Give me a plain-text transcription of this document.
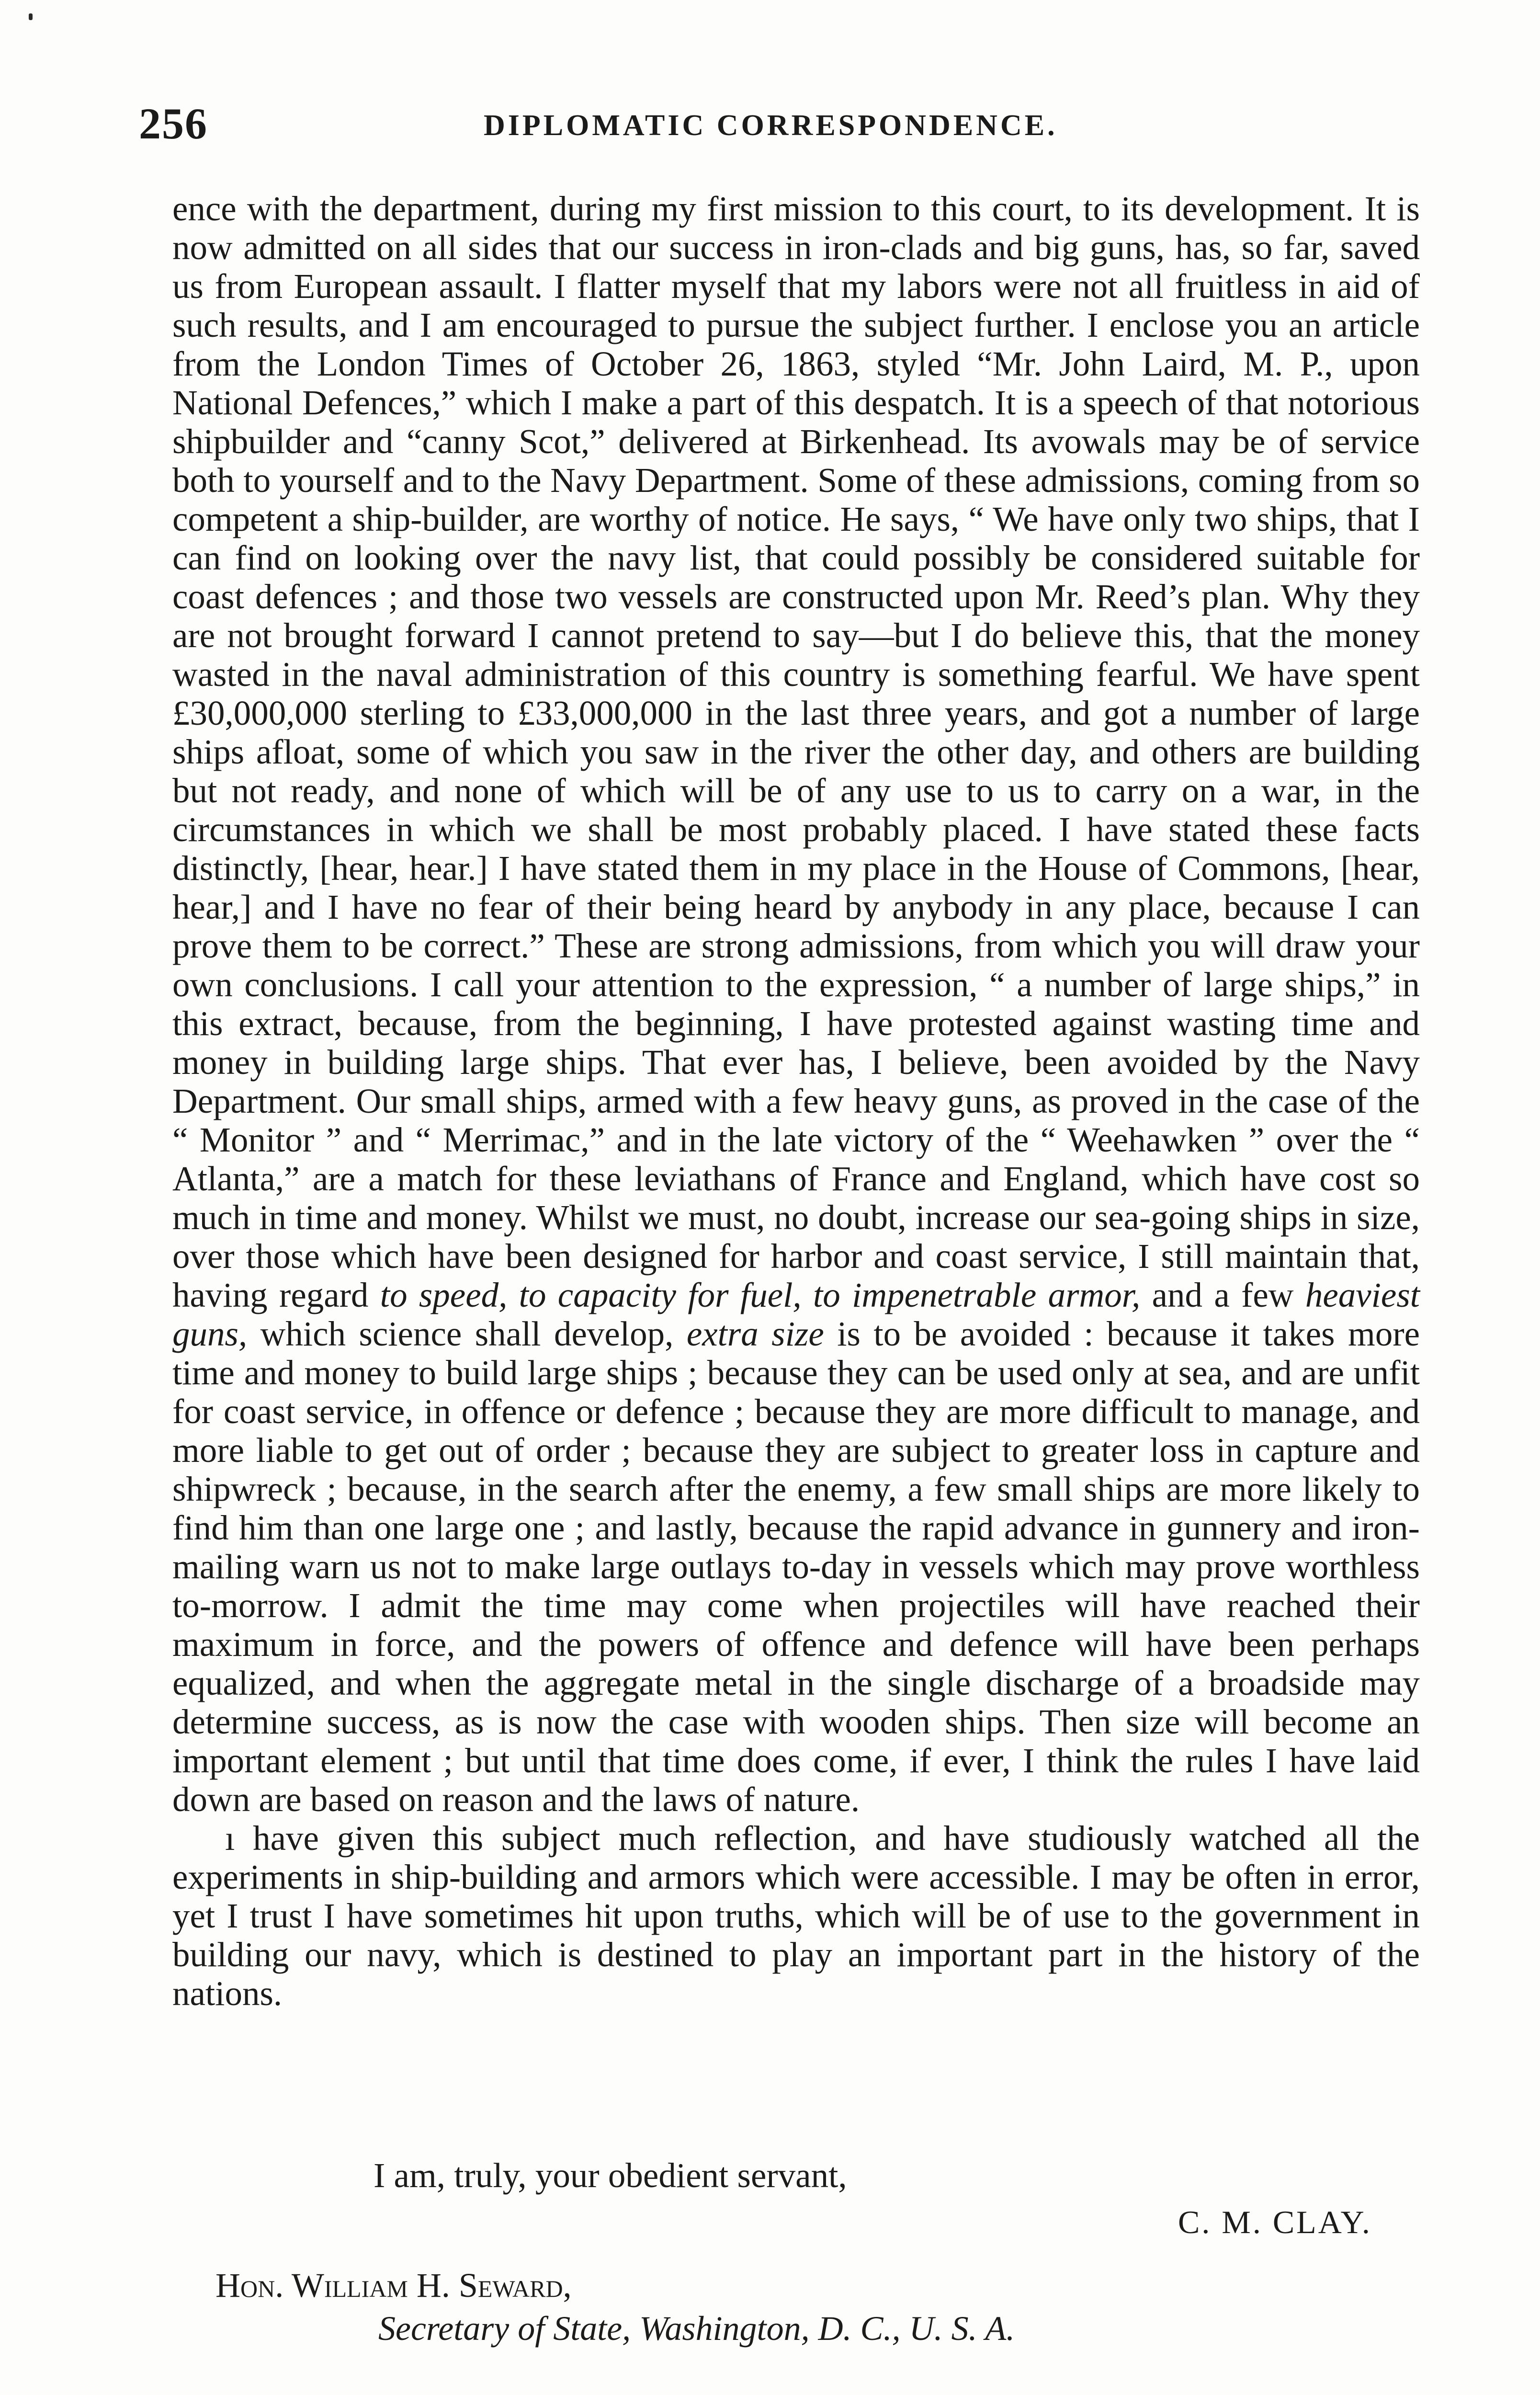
256	DIPLOMATIC CORRESPONDENCE.

ence with the department, during my first mission to this court, to its development. It is now admitted on all sides that our success in iron-clads and big guns, has, so far, saved us from European assault. I flatter myself that my labors were not all fruitless in aid of such results, and I am encouraged to pursue the subject further. I enclose you an article from the London Times of October 26, 1863, styled “Mr. John Laird, M. P., upon National Defences,” which I make a part of this despatch. It is a speech of that notorious shipbuilder and “canny Scot,” delivered at Birkenhead. Its avowals may be of service both to yourself and to the Navy Department. Some of these admissions, coming from so competent a ship-builder, are worthy of notice. He says, “ We have only two ships, that I can find on looking over the navy list, that could possibly be considered suitable for coast defences ; and those two vessels are constructed upon Mr. Reed’s plan. Why they are not brought forward I cannot pretend to say—but I do believe this, that the money wasted in the naval administration of this country is something fearful. We have spent £30,000,000 sterling to £33,000,000 in the last three years, and got a number of large ships afloat, some of which you saw in the river the other day, and others are building but not ready, and none of which will be of any use to us to carry on a war, in the circumstances in which we shall be most probably placed. I have stated these facts distinctly, [hear, hear.] I have stated them in my place in the House of Commons, [hear, hear,] and I have no fear of their being heard by anybody in any place, because I can prove them to be correct.” These are strong admissions, from which you will draw your own conclusions. I call your attention to the expression, “ a number of large ships,” in this extract, because, from the beginning, I have protested against wasting time and money in building large ships. That ever has, I believe, been avoided by the Navy Department. Our small ships, armed with a few heavy guns, as proved in the case of the “ Monitor ” and “ Merrimac,” and in the late victory of the “ Weehawken ” over the “ Atlanta,” are a match for these leviathans of France and England, which have cost so much in time and money. Whilst we must, no doubt, increase our sea-going ships in size, over those which have been designed for harbor and coast service, I still maintain that, having regard to speed, to capacity for fuel, to impenetrable armor, and a few heaviest guns, which science shall develop, extra size is to be avoided : because it takes more time and money to build large ships ; because they can be used only at sea, and are unfit for coast service, in offence or defence ; because they are more difficult to manage, and more liable to get out of order ; because they are subject to greater loss in capture and shipwreck ; because, in the search after the enemy, a few small ships are more likely to find him than one large one ; and lastly, because the rapid advance in gunnery and iron-mailing warn us not to make large outlays to-day in vessels which may prove worthless to-morrow. I admit the time may come when projectiles will have reached their maximum in force, and the powers of offence and defence will have been perhaps equalized, and when the aggregate metal in the single discharge of a broadside may determine success, as is now the case with wooden ships. Then size will become an important element ; but until that time does come, if ever, I think the rules I have laid down are based on reason and the laws of nature.

ı have given this subject much reflection, and have studiously watched all the experiments in ship-building and armors which were accessible. I may be often in error, yet I trust I have sometimes hit upon truths, which will be of use to the government in building our navy, which is destined to play an important part in the history of the nations.

I am, truly, your obedient servant,
C. M. CLAY.
Hon. William H. Seward,
Secretary of State, Washington, D. C., U. S. A.
